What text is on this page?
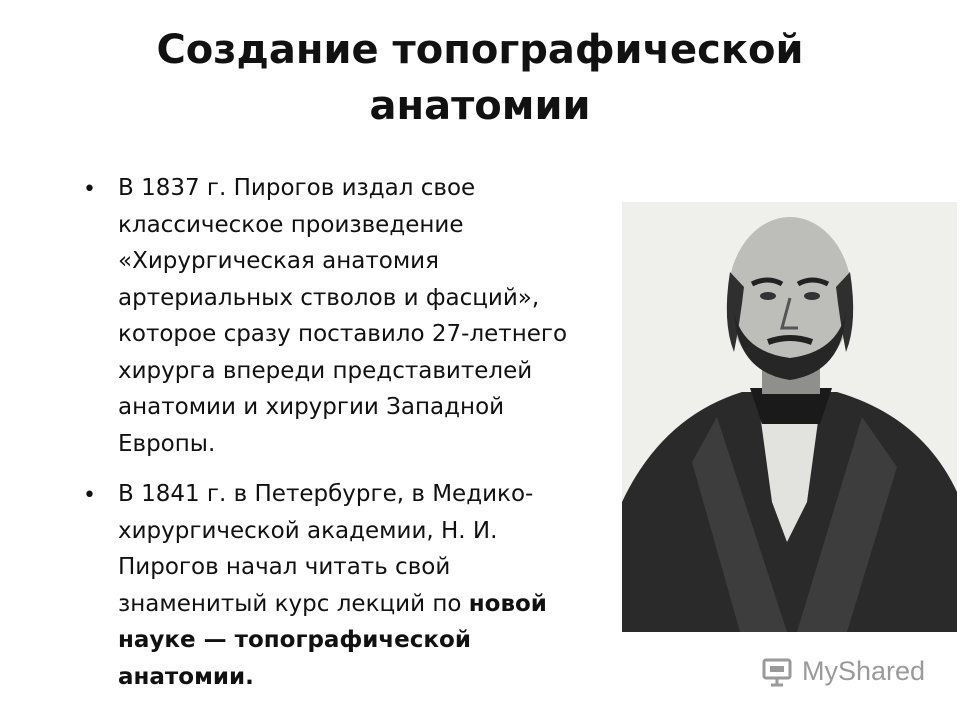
Создание топографической
анатомии
• В 1837 г. Пирогов издал свое классическое произведение «Хирургическая анатомия артериальных стволов и фасций», которое сразу поставило 27-летнего хирурга впереди представителей анатомии и хирургии Западной Европы.
• В 1841 г. в Петербурге, в Медико-хирургической академии, Н. И. Пирогов начал читать свой знаменитый курс лекций по новой науке — топографической анатомии.	MyShared
